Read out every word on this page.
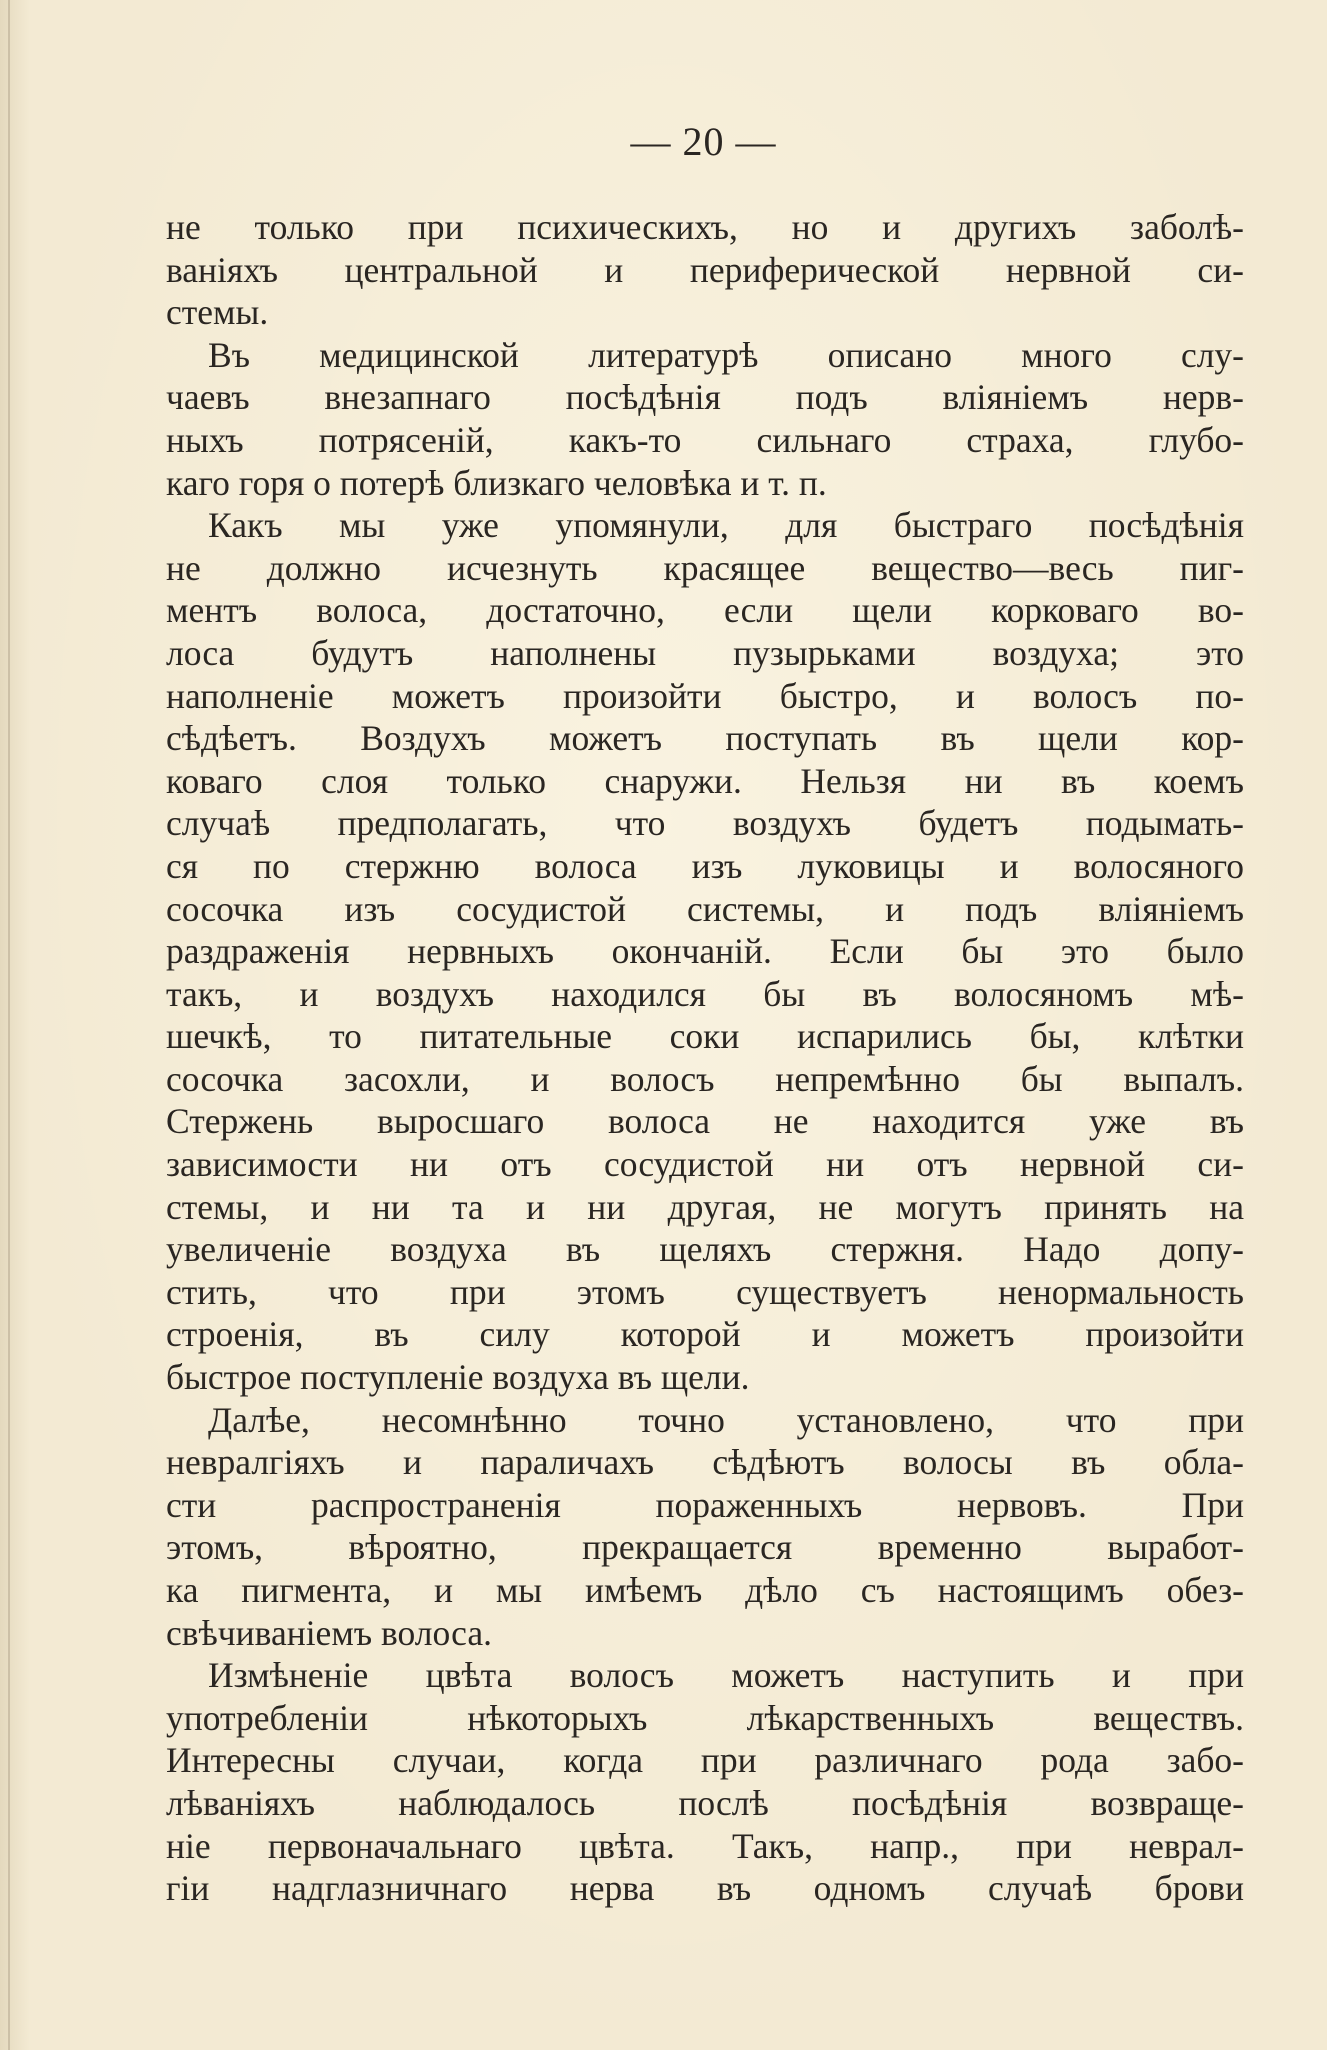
— 20 —
не только при психическихъ, но и другихъ заболѣ-
ваніяхъ центральной и периферической нервной си-
стемы.
Въ медицинской литературѣ описано много слу-
чаевъ внезапнаго посѣдѣнія подъ вліяніемъ нерв-
ныхъ потрясеній, какъ-то сильнаго страха, глубо-
каго горя о потерѣ близкаго человѣка и т. п.
Какъ мы уже упомянули, для быстраго посѣдѣнія
не должно исчезнуть красящее вещество—весь пиг-
ментъ волоса, достаточно, если щели корковаго во-
лоса будутъ наполнены пузырьками воздуха; это
наполненіе можетъ произойти быстро, и волосъ по-
сѣдѣетъ. Воздухъ можетъ поступать въ щели кор-
коваго слоя только снаружи. Нельзя ни въ коемъ
случаѣ предполагать, что воздухъ будетъ подымать-
ся по стержню волоса изъ луковицы и волосяного
сосочка изъ сосудистой системы, и подъ вліяніемъ
раздраженія нервныхъ окончаній. Если бы это было
такъ, и воздухъ находился бы въ волосяномъ мѣ-
шечкѣ, то питательные соки испарились бы, клѣтки
сосочка засохли, и волосъ непремѣнно бы выпалъ.
Стержень выросшаго волоса не находится уже въ
зависимости ни отъ сосудистой ни отъ нервной си-
стемы, и ни та и ни другая, не могутъ принять на
увеличеніе воздуха въ щеляхъ стержня. Надо допу-
стить, что при этомъ существуетъ ненормальность
строенія, въ силу которой и можетъ произойти
быстрое поступленіе воздуха въ щели.
Далѣе, несомнѣнно точно установлено, что при
невралгіяхъ и параличахъ сѣдѣютъ волосы въ обла-
сти распространенія пораженныхъ нервовъ. При
этомъ, вѣроятно, прекращается временно выработ-
ка пигмента, и мы имѣемъ дѣло съ настоящимъ обез-
свѣчиваніемъ волоса.
Измѣненіе цвѣта волосъ можетъ наступить и при
употребленіи нѣкоторыхъ лѣкарственныхъ веществъ.
Интересны случаи, когда при различнаго рода забо-
лѣваніяхъ наблюдалось послѣ посѣдѣнія возвраще-
ніе первоначальнаго цвѣта. Такъ, напр., при неврал-
гіи надглазничнаго нерва въ одномъ случаѣ брови
